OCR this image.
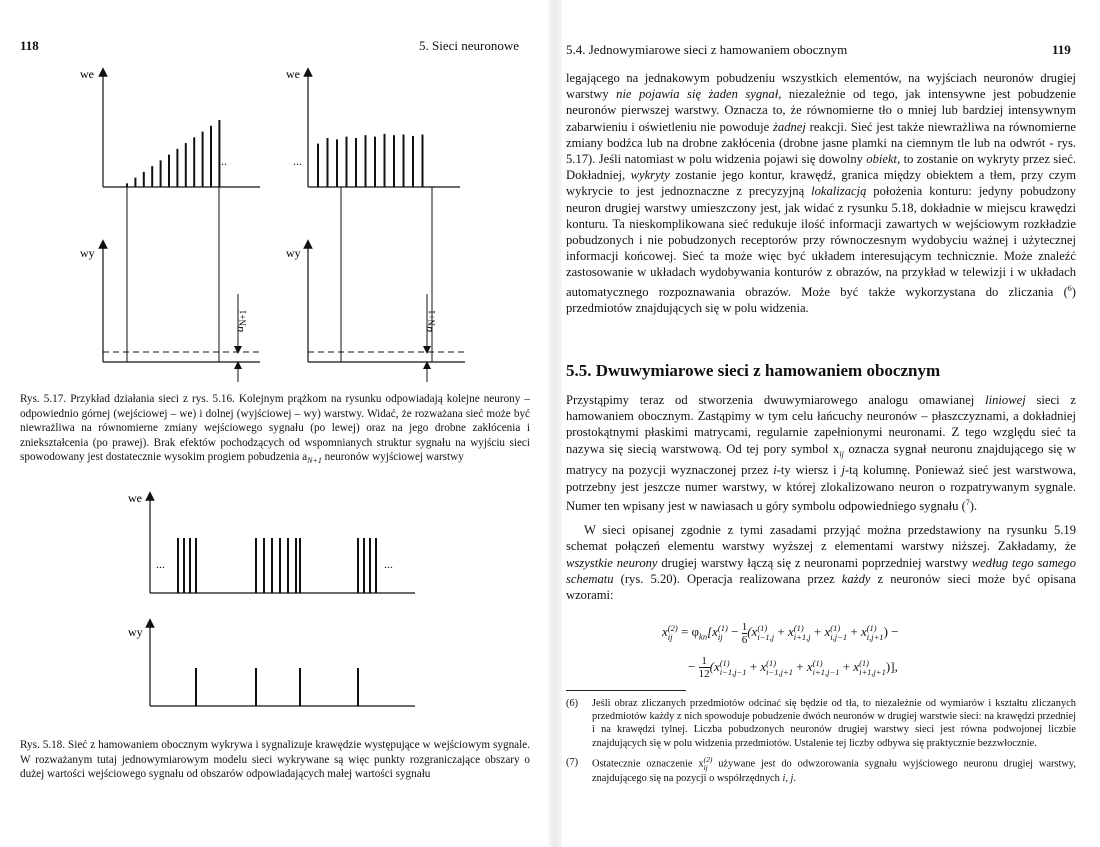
118	5. Sieci neuronowe
we
...
wy
$a_{N+1}$
we
...
wy
$a_{N+1}$
Rys. 5.17. Przykład działania sieci z rys. 5.16. Kolejnym prążkom na rysunku odpowiadają kolejne neurony – odpowiednio górnej (wejściowej – we) i dolnej (wyjściowej – wy) warstwy. Widać, że rozważana sieć może być niewrażliwa na równomierne zmiany wejściowego sygnału (po lewej) oraz na jego drobne zakłócenia i zniekształcenia (po prawej). Brak efektów pochodzących od wspomnianych struktur sygnału na wyjściu sieci spowodowany jest dostatecznie wysokim progiem pobudzenia $a_{N+1}$ neuronów wyjściowej warstwy
we
...	...
wy
Rys. 5.18. Sieć z hamowaniem obocznym wykrywa i sygnalizuje krawędzie występujące w wejściowym sygnale. W rozważanym tutaj jednowymiarowym modelu sieci wykrywane są więc punkty rozgraniczające obszary o dużej wartości wejściowego sygnału od obszarów odpowiadających małej wartości sygnału
5.4. Jednowymiarowe sieci z hamowaniem obocznym	119

legającego na jednakowym pobudzeniu wszystkich elementów, na wyjściach neuronów drugiej warstwy nie pojawia się żaden sygnał, niezależnie od tego, jak intensywne jest pobudzenie neuronów pierwszej warstwy. Oznacza to, że równomierne tło o mniej lub bardziej intensywnym zabarwieniu i oświetleniu nie powoduje żadnej reakcji. Sieć jest także niewrażliwa na równomierne zmiany bodźca lub na drobne zakłócenia (drobne jasne plamki na ciemnym tle lub na odwrót - rys. 5.17). Jeśli natomiast w polu widzenia pojawi się dowolny obiekt, to zostanie on wykryty przez sieć. Dokładniej, wykryty zostanie jego kontur, krawędź, granica między obiektem a tłem, przy czym wykrycie to jest jednoznaczne z precyzyjną lokalizacją położenia konturu: jedyny pobudzony neuron drugiej warstwy umieszczony jest, jak widać z rysunku 5.18, dokładnie w miejscu krawędzi konturu. Ta nieskomplikowana sieć redukuje ilość informacji zawartych w wejściowym rozkładzie pobudzonych i nie pobudzonych receptorów przy równoczesnym wydobyciu ważnej i użytecznej informacji końcowej. Sieć ta może więc być układem interesującym technicznie. Może znaleźć zastosowanie w układach wydobywania konturów z obrazów, na przykład w telewizji i w układach automatycznego rozpoznawania obrazów. Może być także wykorzystana do zliczania ($^6$) przedmiotów znajdujących się w polu widzenia.

5.5. Dwuwymiarowe sieci z hamowaniem obocznym

Przystąpimy teraz od stworzenia dwuwymiarowego analogu omawianej liniowej sieci z hamowaniem obocznym. Zastąpimy w tym celu łańcuchy neuronów – płaszczyznami, a dokładniej prostokątnymi płaskimi matrycami, regularnie zapełnionymi neuronami. Z tego względu sieć ta nazywa się siecią warstwową. Od tej pory symbol $x_{ij}$ oznacza sygnał neuronu znajdującego się w matrycy na pozycji wyznaczonej przez i-ty wiersz i j-tą kolumnę. Ponieważ sieć jest warstwowa, potrzebny jest jeszcze numer warstwy, w której zlokalizowano neuron o rozpatrywanym sygnale. Numer ten wpisany jest w nawiasach u góry symbolu odpowiedniego sygnału ($^7$).

W sieci opisanej zgodnie z tymi zasadami przyjąć można przedstawiony na rysunku 5.19 schemat połączeń elementu warstwy wyższej z elementami warstwy niższej. Zakładamy, że wszystkie neurony drugiej warstwy łączą się z neuronami poprzedniej warstwy według tego samego schematu (rys. 5.20). Operacja realizowana przez każdy z neuronów sieci może być opisana wzorami:

x (2)
ij = $\varphi_{kn}[x$ (1)
ij − $\frac{1}{6} (x$ (1)
i−1,j + x (1)
i+1,j + x (1)
i,j−1 + x (1)
i,j+1 ) −
− $\frac{1}{12} (x$ (1)
i−1,j−1 + x (1)
i−1,j+1 + x (1)
i+1,j−1 + x (1)
i+1,j+1 )],
(6) Jeśli obraz zliczanych przedmiotów odcinać się będzie od tła, to niezależnie od wymiarów i kształtu zliczanych przedmiotów każdy z nich spowoduje pobudzenie dwóch neuronów w drugiej warstwie sieci: na krawędzi przedniej i na krawędzi tylnej. Liczba pobudzonych neuronów drugiej warstwy sieci jest równa podwojonej liczbie znajdujących się w polu widzenia przedmiotów. Ustalenie tej liczby odbywa się praktycznie bezzwłocznie.
(7) Ostatecznie oznaczenie x (2)
ij używane jest do odwzorowania sygnału wyjściowego neuronu drugiej warstwy, znajdującego się na pozycji o współrzędnych i, j.
